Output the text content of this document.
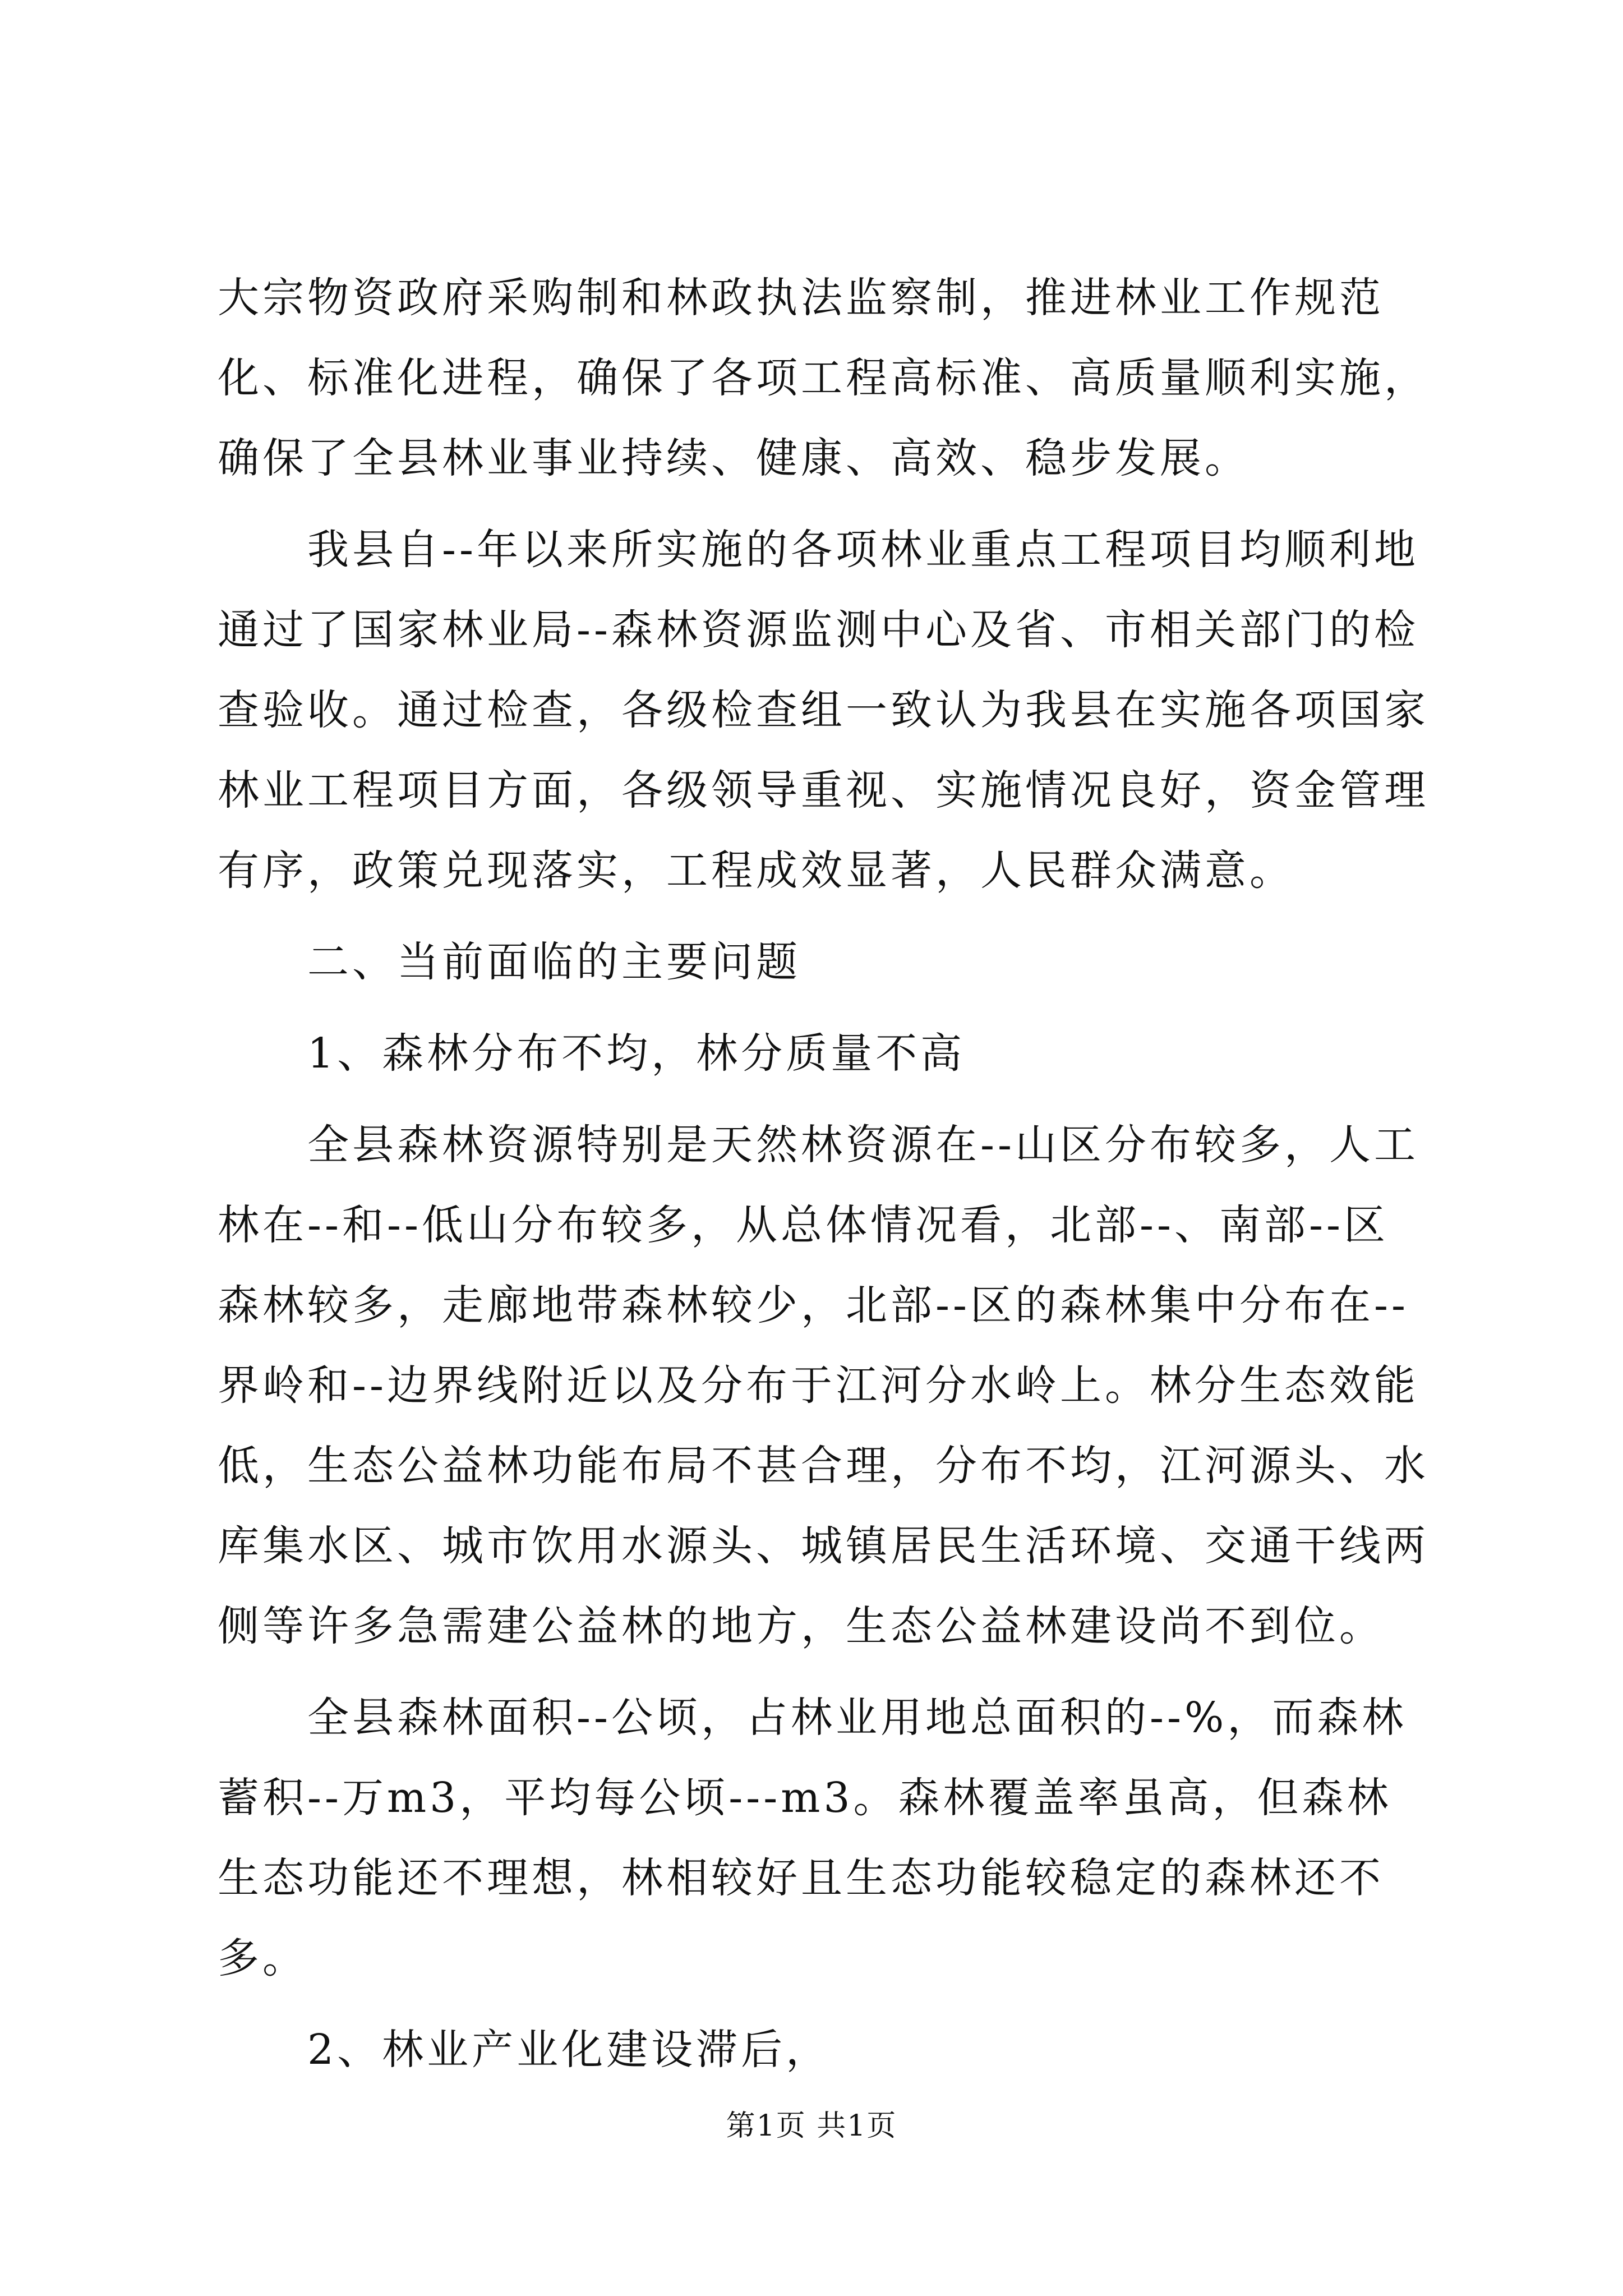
大宗物资政府采购制和林政执法监察制，推进林业工作规范化、标准化进程，确保了各项工程高标准、高质量顺利实施，确保了全县林业事业持续、健康、高效、稳步发展。

我县自--年以来所实施的各项林业重点工程项目均顺利地通过了国家林业局--森林资源监测中心及省、市相关部门的检查验收。通过检查，各级检查组一致认为我县在实施各项国家林业工程项目方面，各级领导重视、实施情况良好，资金管理有序，政策兑现落实，工程成效显著，人民群众满意。

二、当前面临的主要问题

1、森林分布不均，林分质量不高

全县森林资源特别是天然林资源在--山区分布较多，人工林在--和--低山分布较多，从总体情况看，北部--、南部--区森林较多，走廊地带森林较少，北部--区的森林集中分布在--界岭和--边界线附近以及分布于江河分水岭上。林分生态效能低，生态公益林功能布局不甚合理，分布不均，江河源头、水库集水区、城市饮用水源头、城镇居民生活环境、交通干线两侧等许多急需建公益林的地方，生态公益林建设尚不到位。

全县森林面积--公顷，占林业用地总面积的--%，而森林蓄积--万m3，平均每公顷---m3。森林覆盖率虽高，但森林生态功能还不理想，林相较好且生态功能较稳定的森林还不多。

2、林业产业化建设滞后，

第1页 共1页
